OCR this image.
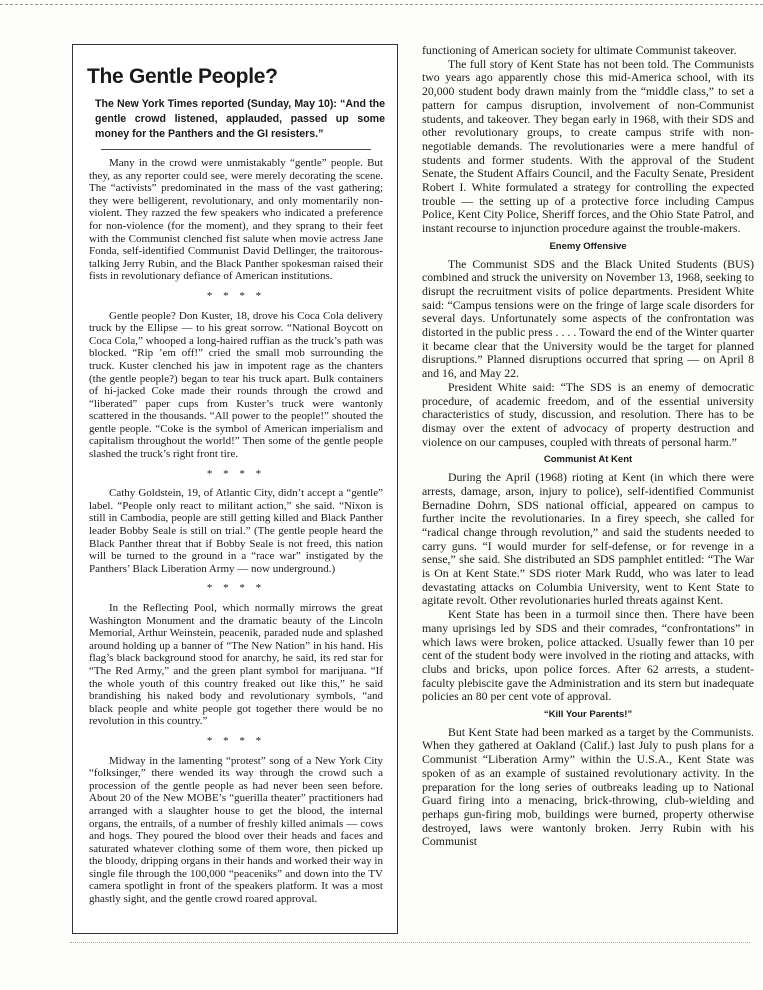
The Gentle People?
The New York Times reported (Sunday, May 10): “And the gentle crowd listened, applauded, passed up some money for the Panthers and the GI resisters.”

Many in the crowd were unmistakably “gentle” people. But they, as any reporter could see, were merely decorating the scene. The “activists” predominated in the mass of the vast gathering; they were belligerent, revolutionary, and only momentarily non-violent. They razzed the few speakers who indicated a preference for non-violence (for the moment), and they sprang to their feet with the Communist clenched fist salute when movie actress Jane Fonda, self-identified Communist David Dellinger, the traitorous-talking Jerry Rubin, and the Black Panther spokesman raised their fists in revolutionary defiance of American institutions.

* * * *

Gentle people? Don Kuster, 18, drove his Coca Cola delivery truck by the Ellipse — to his great sorrow. “National Boycott on Coca Cola,” whooped a long-haired ruffian as the truck’s path was blocked. “Rip ’em off!” cried the small mob surrounding the truck. Kuster clenched his jaw in impotent rage as the chanters (the gentle people?) began to tear his truck apart. Bulk containers of hi-jacked Coke made their rounds through the crowd and “liberated” paper cups from Kuster’s truck were wantonly scattered in the thousands. “All power to the people!” shouted the gentle people. “Coke is the symbol of American imperialism and capitalism throughout the world!” Then some of the gentle people slashed the truck’s right front tire.

* * * *

Cathy Goldstein, 19, of Atlantic City, didn’t accept a “gentle” label. “People only react to militant action,” she said. “Nixon is still in Cambodia, people are still getting killed and Black Panther leader Bobby Seale is still on trial.” (The gentle people heard the Black Panther threat that if Bobby Seale is not freed, this nation will be turned to the ground in a “race war” instigated by the Panthers’ Black Liberation Army — now underground.)

* * * *

In the Reflecting Pool, which normally mirrows the great Washington Monument and the dramatic beauty of the Lincoln Memorial, Arthur Weinstein, peacenik, paraded nude and splashed around holding up a banner of “The New Nation” in his hand. His flag’s black background stood for anarchy, he said, its red star for “The Red Army,” and the green plant symbol for marijuana. “If the whole youth of this country freaked out like this,” he said brandishing his naked body and revolutionary symbols, “and black people and white people got together there would be no revolution in this country.”

* * * *

Midway in the lamenting “protest” song of a New York City “folksinger,” there wended its way through the crowd such a procession of the gentle people as had never been seen before. About 20 of the New MOBE’s “guerilla theater” practitioners had arranged with a slaughter house to get the blood, the internal organs, the entrails, of a number of freshly killed animals — cows and hogs. They poured the blood over their heads and faces and saturated whatever clothing some of them wore, then picked up the bloody, dripping organs in their hands and worked their way in single file through the 100,000 “peaceniks” and down into the TV camera spotlight in front of the speakers platform. It was a most ghastly sight, and the gentle crowd roared approval.

functioning of American society for ultimate Communist takeover.

The full story of Kent State has not been told. The Communists two years ago apparently chose this mid-America school, with its 20,000 student body drawn mainly from the “middle class,” to set a pattern for campus disruption, involvement of non-Communist students, and takeover. They began early in 1968, with their SDS and other revolutionary groups, to create campus strife with non-negotiable demands. The revolutionaries were a mere handful of students and former students. With the approval of the Student Senate, the Student Affairs Council, and the Faculty Senate, President Robert I. White formulated a strategy for controlling the expected trouble — the setting up of a protective force including Campus Police, Kent City Police, Sheriff forces, and the Ohio State Patrol, and instant recourse to injunction procedure against the trouble-makers.

Enemy Offensive

The Communist SDS and the Black United Students (BUS) combined and struck the university on November 13, 1968, seeking to disrupt the recruitment visits of police departments. President White said: “Campus tensions were on the fringe of large scale disorders for several days. Unfortunately some aspects of the confrontation was distorted in the public press . . . . Toward the end of the Winter quarter it became clear that the University would be the target for planned disruptions.” Planned disruptions occurred that spring — on April 8 and 16, and May 22.

President White said: “The SDS is an enemy of democratic procedure, of academic freedom, and of the essential university characteristics of study, discussion, and resolution. There has to be dismay over the extent of advocacy of property destruction and violence on our campuses, coupled with threats of personal harm.”

Communist At Kent

During the April (1968) rioting at Kent (in which there were arrests, damage, arson, injury to police), self-identified Communist Bernadine Dohrn, SDS national official, appeared on campus to further incite the revolutionaries. In a firey speech, she called for “radical change through revolution,” and said the students needed to carry guns. “I would murder for self-defense, or for revenge in a sense,” she said. She distributed an SDS pamphlet entitled: “The War is On at Kent State.” SDS rioter Mark Rudd, who was later to lead devastating attacks on Columbia University, went to Kent State to agitate revolt. Other revolutionaries hurled threats against Kent.

Kent State has been in a turmoil since then. There have been many uprisings led by SDS and their comrades, “confrontations” in which laws were broken, police attacked. Usually fewer than 10 per cent of the student body were involved in the rioting and attacks, with clubs and bricks, upon police forces. After 62 arrests, a student-faculty plebiscite gave the Administration and its stern but inadequate policies an 80 per cent vote of approval.

“Kill Your Parents!”

But Kent State had been marked as a target by the Communists. When they gathered at Oakland (Calif.) last July to push plans for a Communist “Liberation Army” within the U.S.A., Kent State was spoken of as an example of sustained revolutionary activity. In the preparation for the long series of outbreaks leading up to National Guard firing into a menacing, brick-throwing, club-wielding and perhaps gun-firing mob, buildings were burned, property otherwise destroyed, laws were wantonly broken. Jerry Rubin with his Communist
